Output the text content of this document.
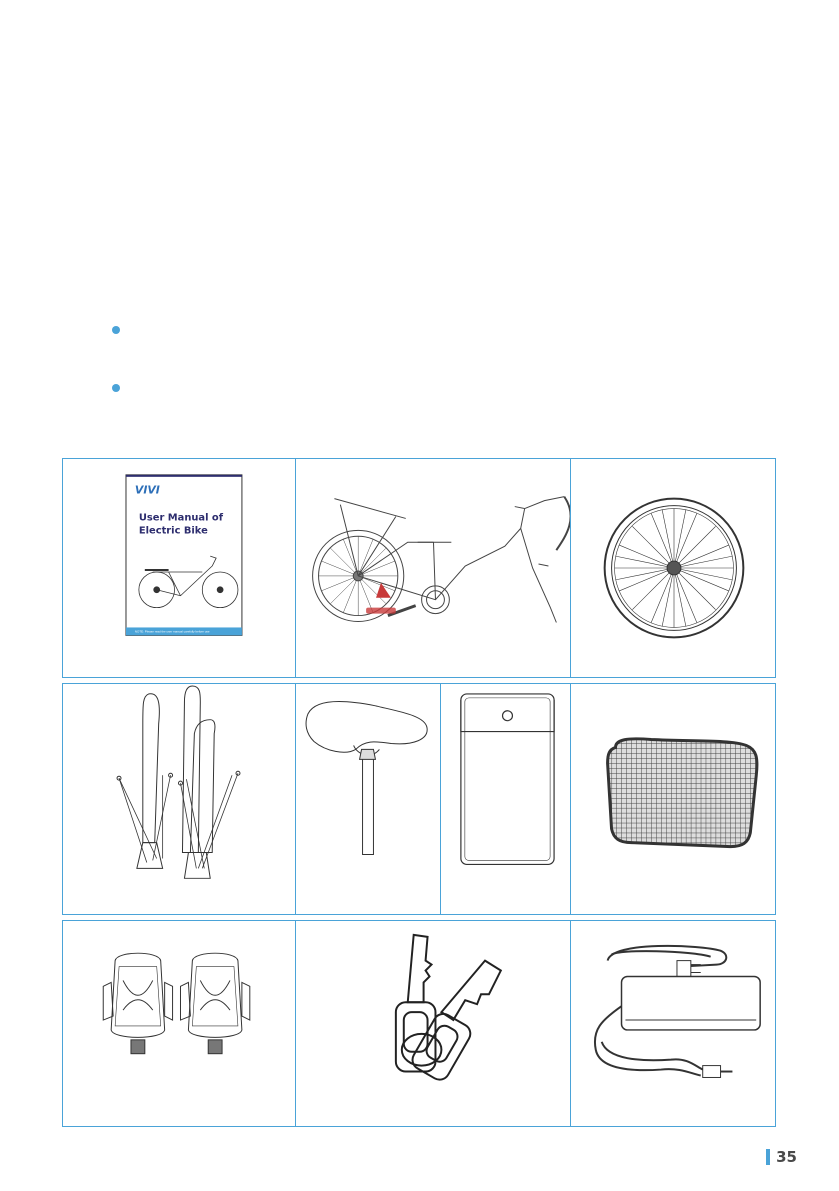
VIVI
User Manual of
Electric Bike
NOTE: Please read the user manual carefully before use
35
